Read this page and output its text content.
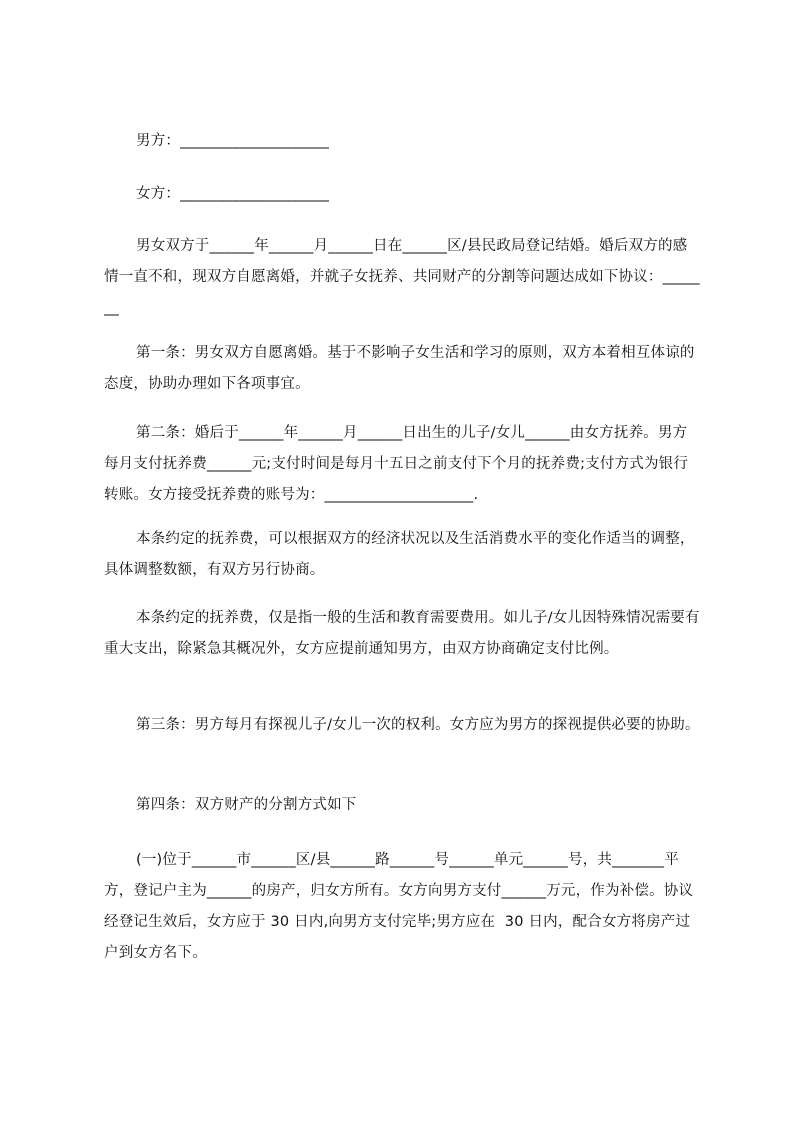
男方：____________________
女方：____________________
男女双方于______年______月______日在______区/县民政局登记结婚。婚后双方的感情一直不和，现双方自愿离婚，并就子女抚养、共同财产的分割等问题达成如下协议：_______
第一条：男女双方自愿离婚。基于不影响子女生活和学习的原则，双方本着相互体谅的态度，协助办理如下各项事宜。
第二条：婚后于______年______月______日出生的儿子/女儿______由女方抚养。男方每月支付抚养费______元;支付时间是每月十五日之前支付下个月的抚养费;支付方式为银行转账。女方接受抚养费的账号为：____________________.
本条约定的抚养费，可以根据双方的经济状况以及生活消费水平的变化作适当的调整，具体调整数额，有双方另行协商。
本条约定的抚养费，仅是指一般的生活和教育需要费用。如儿子/女儿因特殊情况需要有重大支出，除紧急其概况外，女方应提前通知男方，由双方协商确定支付比例。
第三条：男方每月有探视儿子/女儿一次的权利。女方应为男方的探视提供必要的协助。
第四条：双方财产的分割方式如下
(一)位于______市______区/县______路______号______单元______号，共_______平方，登记户主为______的房产，归女方所有。女方向男方支付______万元，作为补偿。协议经登记生效后，女方应于 30 日内,向男方支付完毕;男方应在  30 日内，配合女方将房产过户到女方名下。
